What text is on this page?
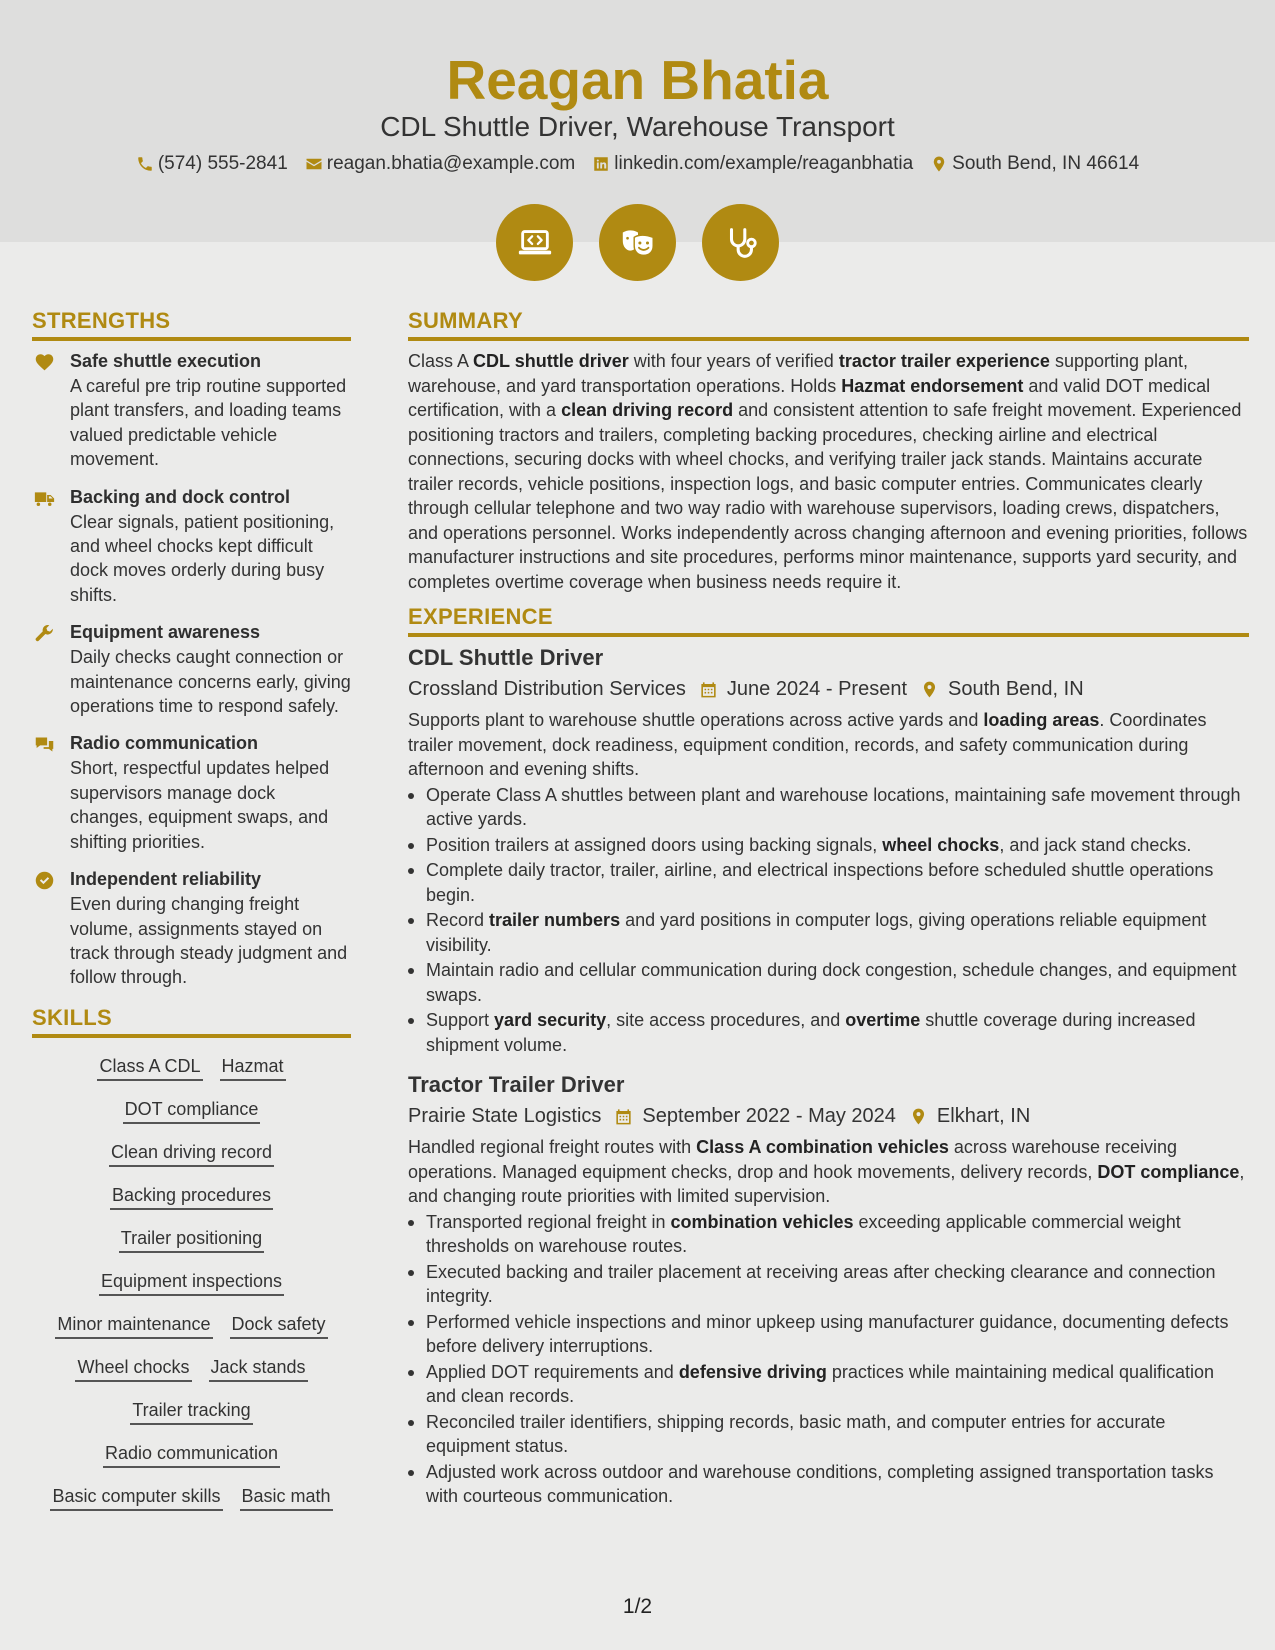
Reagan Bhatia
CDL Shuttle Driver, Warehouse Transport
(574) 555-2841 reagan.bhatia@example.com linkedin.com/example/reaganbhatia South Bend, IN 46614
STRENGTHS
Safe shuttle execution
A careful pre trip routine supported plant transfers, and loading teams valued predictable vehicle movement.
Backing and dock control
Clear signals, patient positioning, and wheel chocks kept difficult dock moves orderly during busy shifts.
Equipment awareness
Daily checks caught connection or maintenance concerns early, giving operations time to respond safely.
Radio communication
Short, respectful updates helped supervisors manage dock changes, equipment swaps, and shifting priorities.
Independent reliability
Even during changing freight volume, assignments stayed on track through steady judgment and follow through.
SKILLS
Class A CDL Hazmat
DOT compliance
Clean driving record
Backing procedures
Trailer positioning
Equipment inspections
Minor maintenance Dock safety
Wheel chocks Jack stands
Trailer tracking
Radio communication
Basic computer skills Basic math
SUMMARY
Class A CDL shuttle driver with four years of verified tractor trailer experience supporting plant, warehouse, and yard transportation operations. Holds Hazmat endorsement and valid DOT medical certification, with a clean driving record and consistent attention to safe freight movement. Experienced positioning tractors and trailers, completing backing procedures, checking airline and electrical connections, securing docks with wheel chocks, and verifying trailer jack stands. Maintains accurate trailer records, vehicle positions, inspection logs, and basic computer entries. Communicates clearly through cellular telephone and two way radio with warehouse supervisors, loading crews, dispatchers, and operations personnel. Works independently across changing afternoon and evening priorities, follows manufacturer instructions and site procedures, performs minor maintenance, supports yard security, and completes overtime coverage when business needs require it.
EXPERIENCE
CDL Shuttle Driver
Crossland Distribution Services June 2024 - Present South Bend, IN
Supports plant to warehouse shuttle operations across active yards and loading areas. Coordinates trailer movement, dock readiness, equipment condition, records, and safety communication during afternoon and evening shifts.
Operate Class A shuttles between plant and warehouse locations, maintaining safe movement through active yards.
Position trailers at assigned doors using backing signals, wheel chocks, and jack stand checks.
Complete daily tractor, trailer, airline, and electrical inspections before scheduled shuttle operations begin.
Record trailer numbers and yard positions in computer logs, giving operations reliable equipment visibility.
Maintain radio and cellular communication during dock congestion, schedule changes, and equipment swaps.
Support yard security, site access procedures, and overtime shuttle coverage during increased shipment volume.
Tractor Trailer Driver
Prairie State Logistics September 2022 - May 2024 Elkhart, IN
Handled regional freight routes with Class A combination vehicles across warehouse receiving operations. Managed equipment checks, drop and hook movements, delivery records, DOT compliance, and changing route priorities with limited supervision.
Transported regional freight in combination vehicles exceeding applicable commercial weight thresholds on warehouse routes.
Executed backing and trailer placement at receiving areas after checking clearance and connection integrity.
Performed vehicle inspections and minor upkeep using manufacturer guidance, documenting defects before delivery interruptions.
Applied DOT requirements and defensive driving practices while maintaining medical qualification and clean records.
Reconciled trailer identifiers, shipping records, basic math, and computer entries for accurate equipment status.
Adjusted work across outdoor and warehouse conditions, completing assigned transportation tasks with courteous communication.
1/2
